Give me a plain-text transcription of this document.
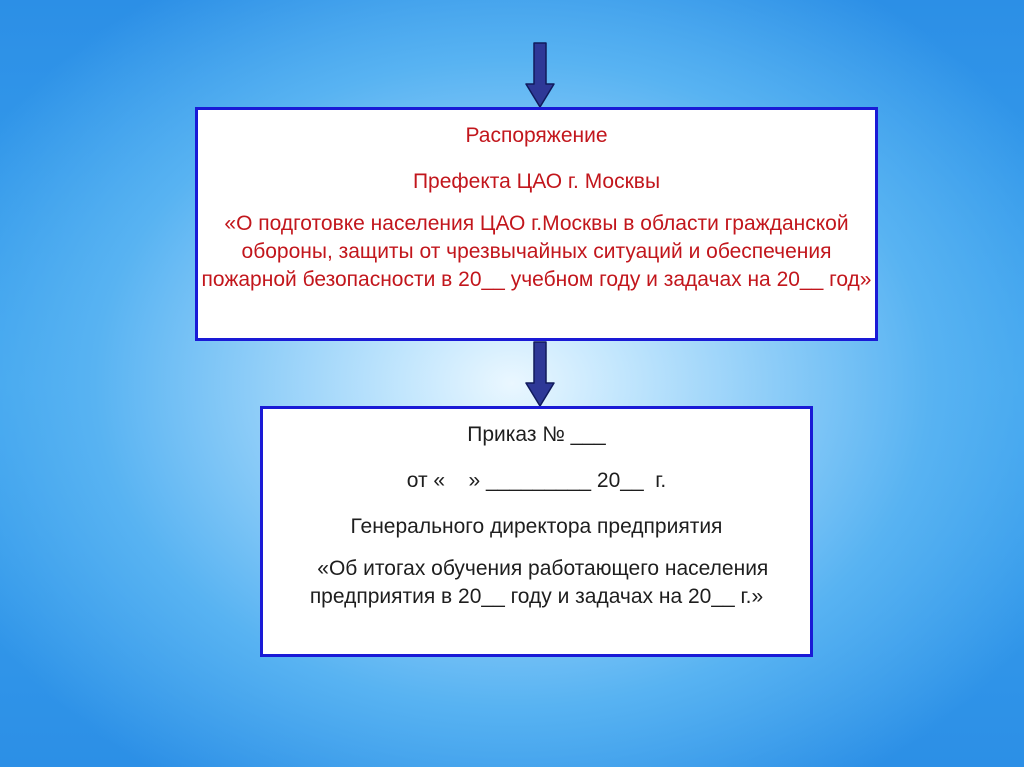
Распоряжение

Префекта ЦАО г. Москвы

«О подготовке населения ЦАО г.Москвы в области гражданской обороны, защиты от чрезвычайных ситуаций и обеспечения пожарной безопасности в 20__ учебном году и задачах на 20__ год»

Приказ № ___

от «    » _________ 20__  г.

Генерального директора предприятия

«Об итогах обучения работающего населения предприятия в 20__ году и задачах на 20__ г.»
